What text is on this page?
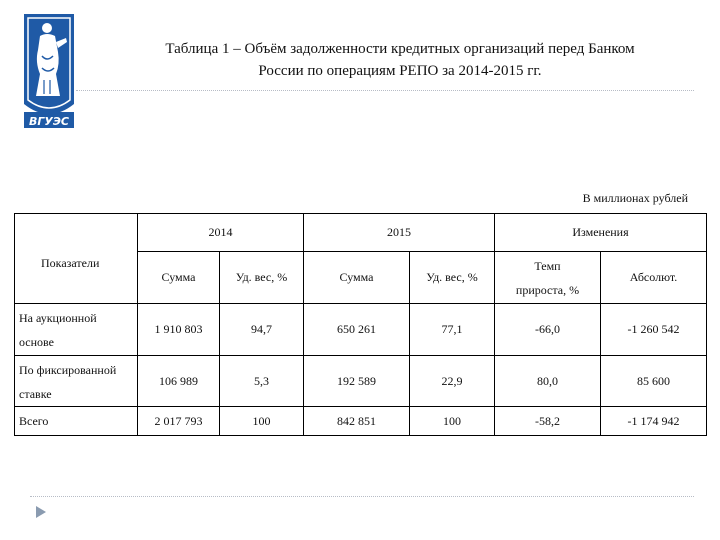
ВГУЭС
Таблица 1 – Объём задолженности кредитных организаций перед Банком
России по операциям РЕПО за 2014-2015 гг.
В миллионах рублей
Показатели	2014		2015		Изменения	
	Сумма	Уд. вес, %	Сумма	Уд. вес, %	Темп
прироста, %	Абсолют.

На аукционной
основе	1 910 803	94,7	650 261	77,1	-66,0	-1 260 542

По фиксированной
ставке	106 989	5,3	192 589	22,9	80,0	85 600

Всего	2 017 793	100	842 851	100	-58,2	-1 174 942
